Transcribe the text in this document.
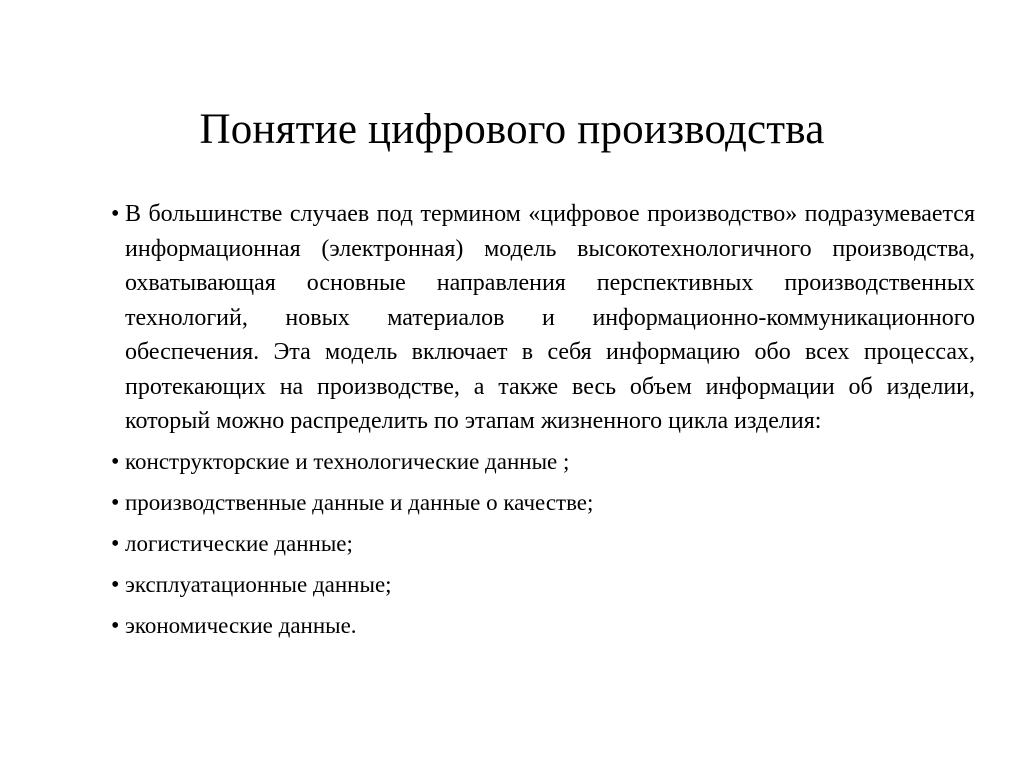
Понятие цифрового производства
• В большинстве случаев под термином «цифровое производство» подразумевается информационная (электронная) модель высокотехнологичного производства, охватывающая основные направления перспективных производственных технологий, новых материалов и информационно-коммуникационного обеспечения. Эта модель включает в себя информацию обо всех процессах, протекающих на производстве, а также весь объем информации об изделии, который можно распределить по этапам жизненного цикла изделия:
• конструкторские и технологические данные ;
• производственные данные и данные о качестве;
• логистические данные;
• эксплуатационные данные;
• экономические данные.
